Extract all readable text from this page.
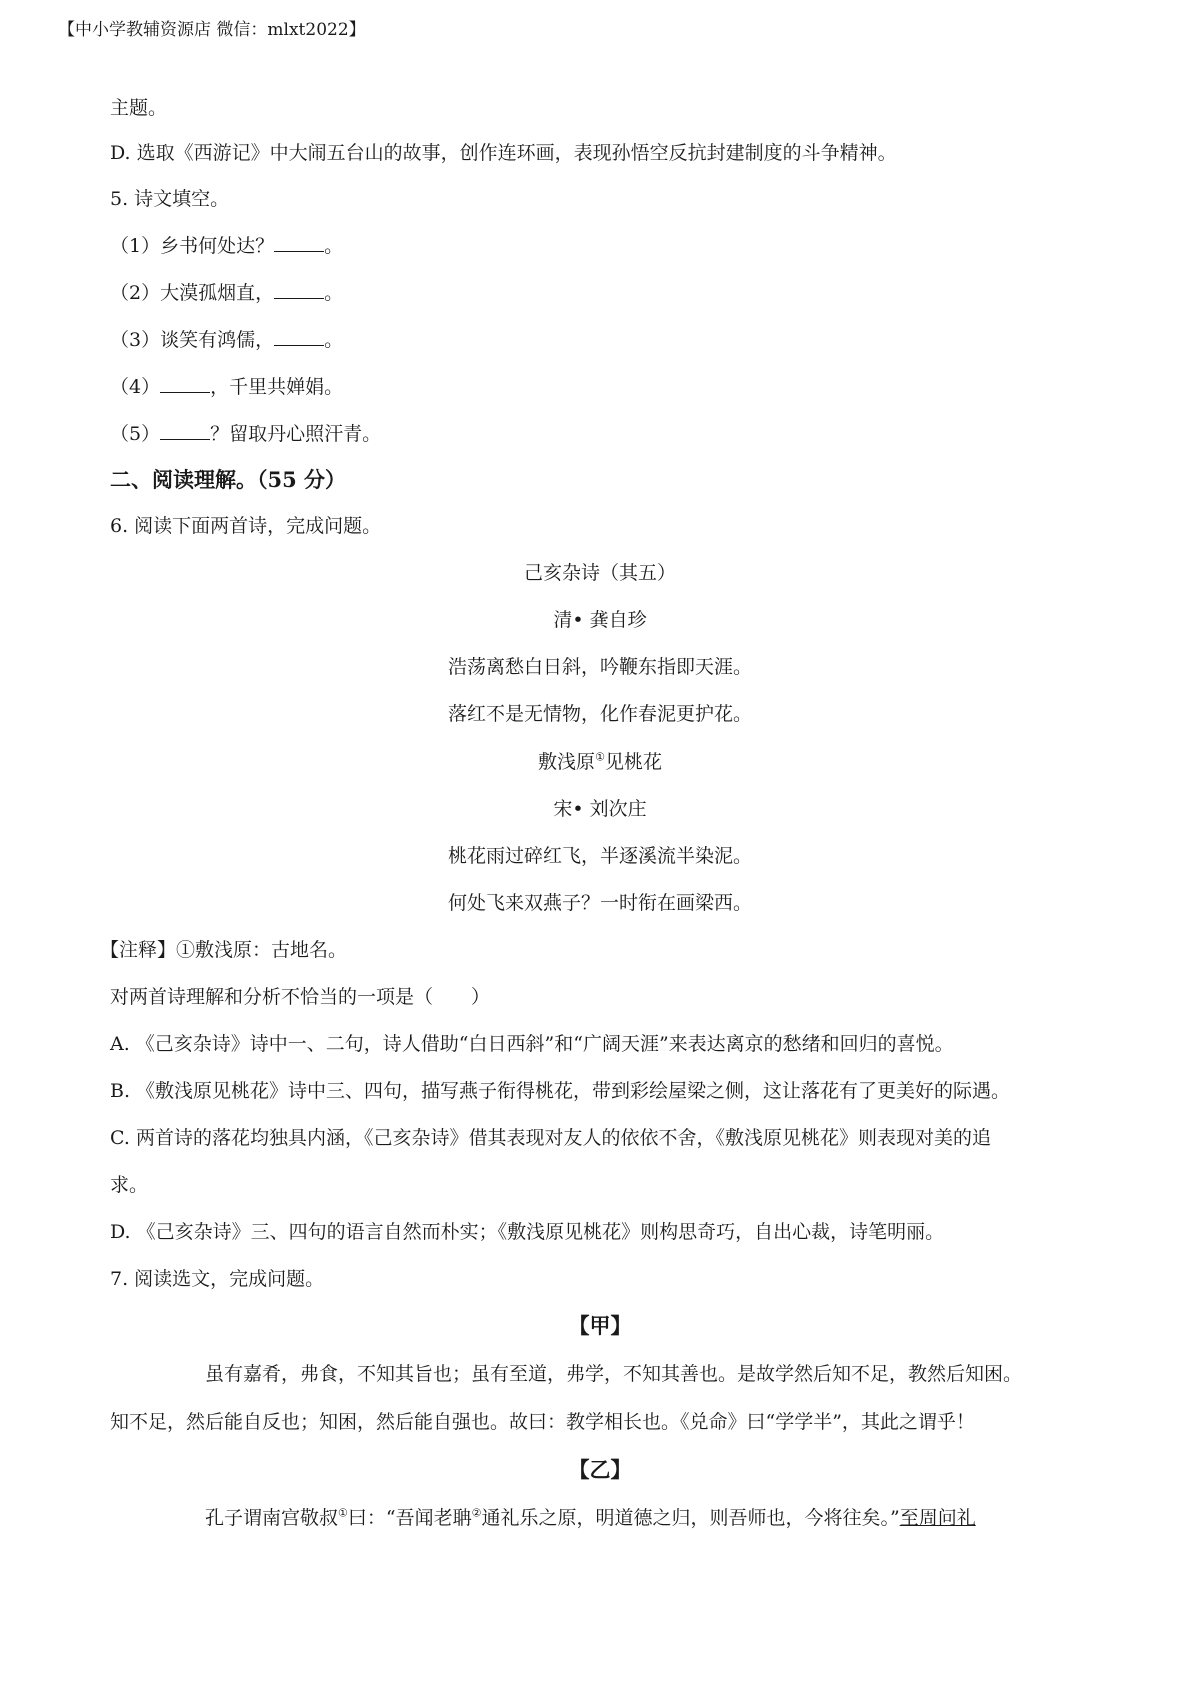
【中小学教辅资源店 微信：mlxt2022】
主题。
D. 选取《西游记》中大闹五台山的故事，创作连环画，表现孙悟空反抗封建制度的斗争精神。
5. 诗文填空。
（1）乡书何处达？	。
（2）大漠孤烟直，	。
（3）谈笑有鸿儒，	。
（4）	，千里共婵娟。
（5）	？留取丹心照汗青。
二、阅读理解。（55 分）
6. 阅读下面两首诗，完成问题。
己亥杂诗（其五）
清• 龚自珍
浩荡离愁白日斜，吟鞭东指即天涯。
落红不是无情物，化作春泥更护花。
敷浅原①见桃花
宋• 刘次庄
桃花雨过碎红飞，半逐溪流半染泥。
何处飞来双燕子？一时衔在画梁西。
【注释】①敷浅原：古地名。
对两首诗理解和分析不恰当的一项是（　　）
A. 《己亥杂诗》诗中一、二句，诗人借助“白日西斜”和“广阔天涯”来表达离京的愁绪和回归的喜悦。
B. 《敷浅原见桃花》诗中三、四句，描写燕子衔得桃花，带到彩绘屋梁之侧，这让落花有了更美好的际遇。
C. 两首诗的落花均独具内涵，《己亥杂诗》借其表现对友人的依依不舍，《敷浅原见桃花》则表现对美的追
求。
D. 《己亥杂诗》三、四句的语言自然而朴实；《敷浅原见桃花》则构思奇巧，自出心裁，诗笔明丽。
7. 阅读选文，完成问题。
【甲】
虽有嘉肴，弗食，不知其旨也；虽有至道，弗学，不知其善也。是故学然后知不足，教然后知困。
知不足，然后能自反也；知困，然后能自强也。故曰：教学相长也。《兑命》曰“学学半”，其此之谓乎！
【乙】
孔子谓南宫敬叔①曰：“吾闻老聃②通礼乐之原，明道德之归，则吾师也，今将往矣。”至周问礼
